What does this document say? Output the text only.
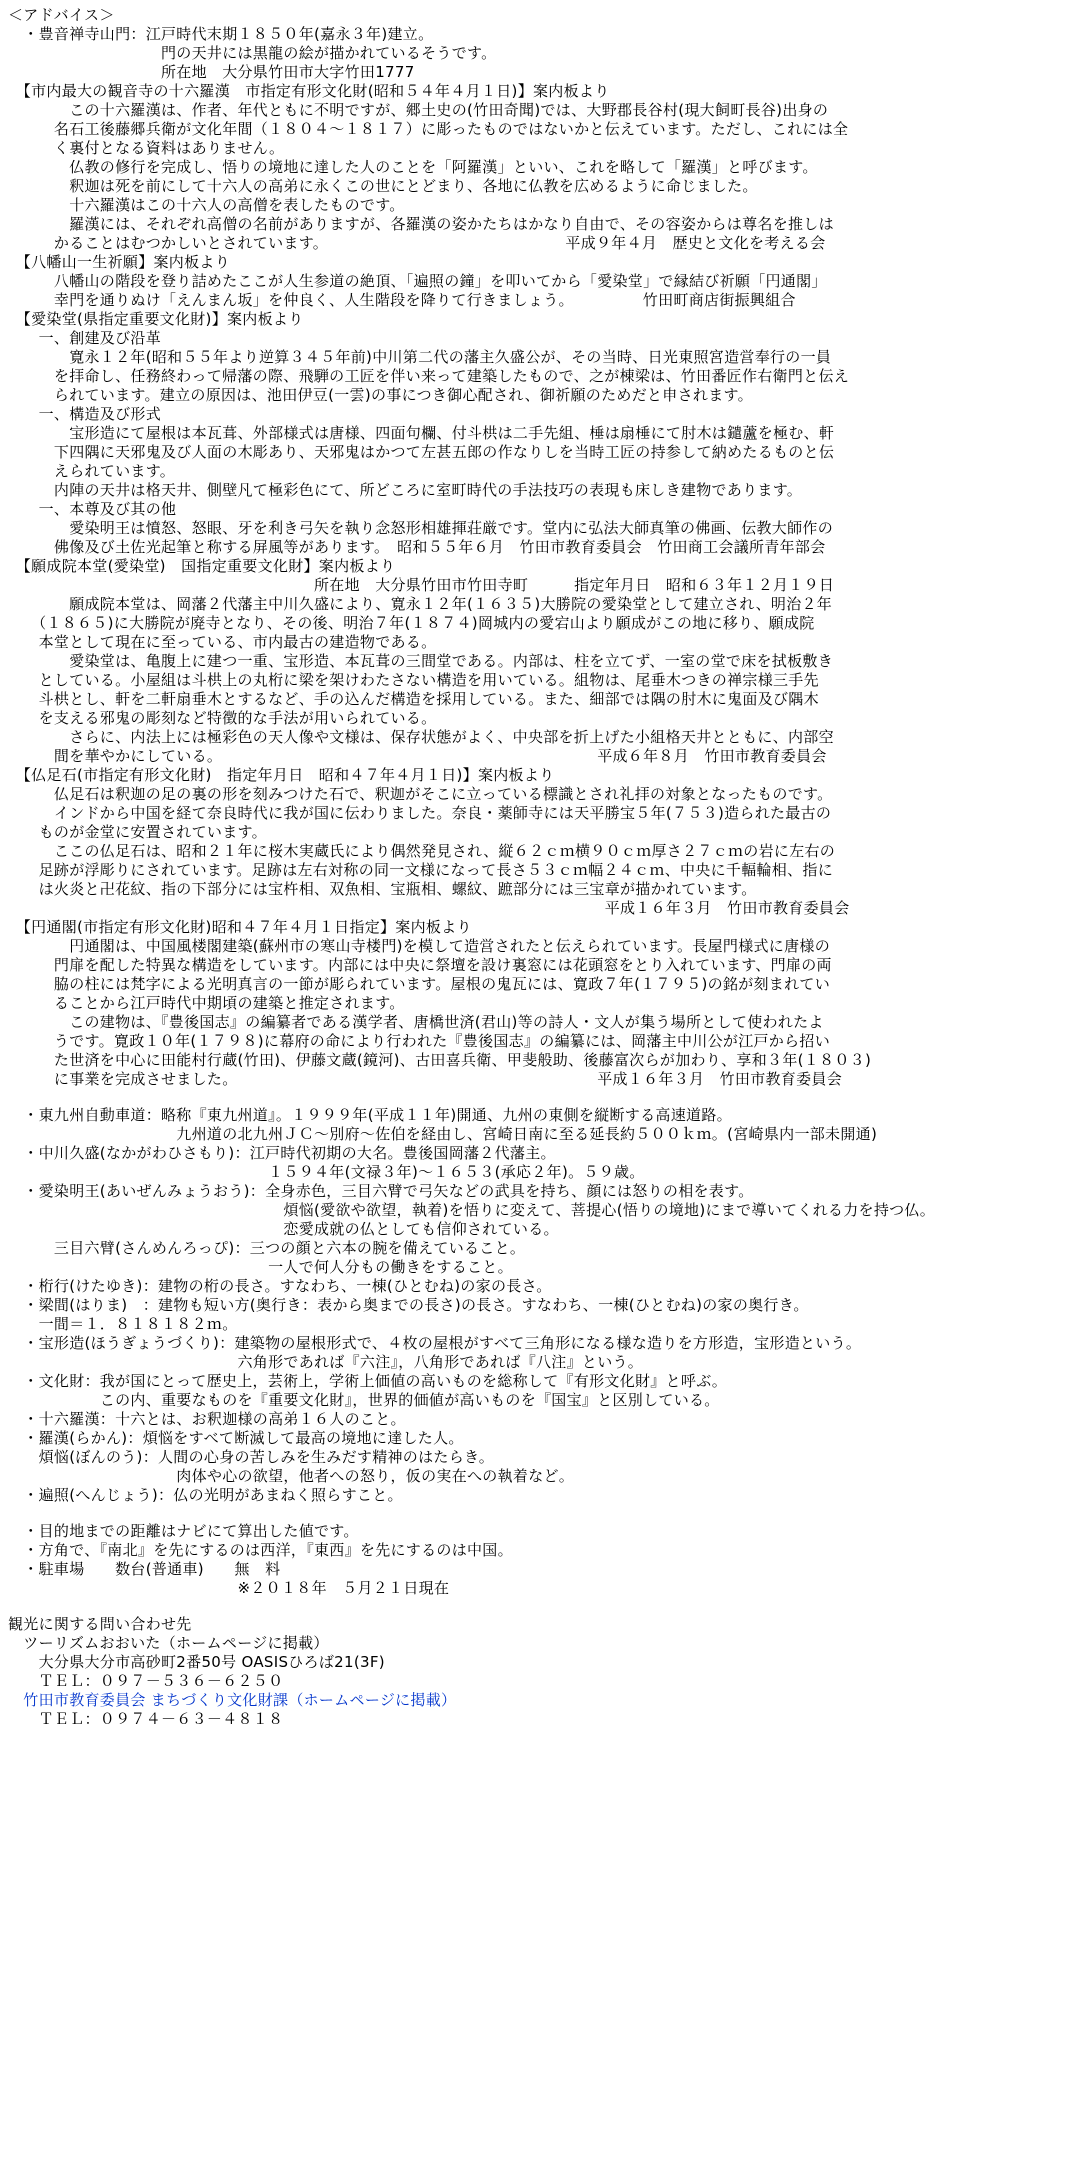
＜アドバイス＞
　・豊音禅寺山門：江戸時代末期１８５０年(嘉永３年)建立。
　　　　　　　　　　門の天井には黒龍の絵が描かれているそうです。
　　　　　　　　　　所在地　大分県竹田市大字竹田1777
　【市内最大の観音寺の十六羅漢　市指定有形文化財(昭和５４年４月１日)】案内板より
　　　　この十六羅漢は、作者、年代ともに不明ですが、郷土史の(竹田奇聞)では、大野郡長谷村(現大飼町長谷)出身の
　　　名石工後藤郷兵衛が文化年間（１８０４～１８１７）に彫ったものではないかと伝えています。ただし、これには全
　　　く裏付となる資料はありません。
　　　　仏教の修行を完成し、悟りの境地に達した人のことを「阿羅漢」といい、これを略して「羅漢」と呼びます。
　　　　釈迦は死を前にして十六人の高弟に永くこの世にとどまり、各地に仏教を広めるように命じました。
　　　　十六羅漢はこの十六人の高僧を表したものです。
　　　　羅漢には、それぞれ高僧の名前がありますが、各羅漢の姿かたちはかなり自由で、その容姿からは尊名を推しは
　　　かることはむつかしいとされています。　　　　　　　　　　　　　　　　平成９年４月　歴史と文化を考える会
　【八幡山一生祈願】案内板より
　　　八幡山の階段を登り詰めたここが人生参道の絶頂、「遍照の鐘」を叩いてから「愛染堂」で縁結び祈願「円通閣」
　　　幸門を通りぬけ「えんまん坂」を仲良く、人生階段を降りて行きましょう。　　　　　竹田町商店街振興組合
　【愛染堂(県指定重要文化財)】案内板より
　　一、創建及び沿革
　　　　寛永１２年(昭和５５年より逆算３４５年前)中川第二代の藩主久盛公が、その当時、日光東照宮造営奉行の一員
　　　を拝命し、任務終わって帰藩の際、飛騨の工匠を伴い来って建築したもので、之が棟梁は、竹田番匠作右衛門と伝え
　　　られています。建立の原因は、池田伊豆(一雲)の事につき御心配され、御祈願のためだと申されます。
　　一、構造及び形式
　　　　宝形造にて屋根は本瓦葺、外部様式は唐様、四面句欄、付斗栱は二手先組、棰は扇棰にて肘木は鑓蘆を極む、軒
　　　下四隅に天邪鬼及び人面の木彫あり、天邪鬼はかつて左甚五郎の作なりしを当時工匠の持参して納めたるものと伝
　　　えられています。
　　　内陣の天井は格天井、側壁凡て極彩色にて、所どころに室町時代の手法技巧の表現も床しき建物であります。
　　一、本尊及び其の他
　　　　愛染明王は憤怒、怒眼、牙を利き弓矢を執り念怒形相雄揮荘厳です。堂内に弘法大師真筆の佛画、伝教大師作の
　　　佛像及び土佐光起筆と称する屏風等があります。　昭和５５年６月　竹田市教育委員会　竹田商工会議所青年部会
　【願成院本堂(愛染堂)　国指定重要文化財】案内板より
　　　　　　　　　　　　　　　　　　　　所在地　大分県竹田市竹田寺町　　　指定年月日　昭和６３年１２月１９日
　　　　願成院本堂は、岡藩２代藩主中川久盛により、寛永１２年(１６３５)大勝院の愛染堂として建立され、明治２年
　　（１８６５)に大勝院が廃寺となり、その後、明治７年(１８７４)岡城内の愛宕山より願成がこの地に移り、願成院
　　本堂として現在に至っている、市内最古の建造物である。
　　　　愛染堂は、亀腹上に建つ一重、宝形造、本瓦葺の三間堂である。内部は、柱を立てず、一室の堂で床を拭板敷き
　　としている。小屋組は斗栱上の丸桁に梁を架けわたさない構造を用いている。組物は、尾垂木つきの禅宗様三手先
　　斗栱とし、軒を二軒扇垂木とするなど、手の込んだ構造を採用している。また、細部では隅の肘木に鬼面及び隅木
　　を支える邪鬼の彫刻など特徴的な手法が用いられている。
　　　　さらに、内法上には極彩色の天人像や文様は、保存状態がよく、中央部を折上げた小組格天井とともに、内部空
　　　間を華やかにしている。　　　　　　　　　　　　　　　　　　　　　　　　　平成６年８月　竹田市教育委員会
　【仏足石(市指定有形文化財)　指定年月日　昭和４７年４月１日)】案内板より
　　　仏足石は釈迦の足の裏の形を刻みつけた石で、釈迦がそこに立っている標識とされ礼拝の対象となったものです。
　　　インドから中国を経て奈良時代に我が国に伝わりました。奈良・薬師寺には天平勝宝５年(７５３)造られた最古の
　　ものが金堂に安置されています。
　　　ここの仏足石は、昭和２１年に桜木実蔵氏により偶然発見され、縦６２ｃｍ横９０ｃｍ厚さ２７ｃｍの岩に左右の
　　足跡が浮彫りにされています。足跡は左右対称の同一文様になって長さ５３ｃｍ幅２４ｃｍ、中央に千輻輪相、指に
　　は火炎と卍花紋、指の下部分には宝杵相、双魚相、宝瓶相、螺紋、蹠部分には三宝章が描かれています。
　　　　　　　　　　　　　　　　　　　　　　　　　　　　　　　　　　　　　　　平成１６年３月　竹田市教育委員会
　【円通閣(市指定有形文化財)昭和４７年４月１日指定】案内板より
　　　　円通閣は、中国風楼閣建築(蘇州市の寒山寺楼門)を模して造営されたと伝えられています。長屋門様式に唐様の
　　　門扉を配した特異な構造をしています。内部には中央に祭壇を設け裏窓には花頭窓をとり入れています、門扉の両
　　　脇の柱には梵字による光明真言の一節が彫られています。屋根の鬼瓦には、寛政７年(１７９５)の銘が刻まれてい
　　　ることから江戸時代中期頃の建築と推定されます。
　　　　この建物は、『豊後国志』の編纂者である漢学者、唐橋世済(君山)等の詩人・文人が集う場所として使われたよ
　　　うです。寛政１０年(１７９８)に幕府の命により行われた『豊後国志』の編纂には、岡藩主中川公が江戸から招い
　　　た世済を中心に田能村行蔵(竹田)、伊藤文蔵(鏡河)、古田喜兵衛、甲斐般助、後藤富次らが加わり、享和３年(１８０３)
　　　に事業を完成させました。　　　　　　　　　　　　　　　　　　　　　　　　平成１６年３月　竹田市教育委員会
　・東九州自動車道：略称『東九州道』。１９９９年(平成１１年)開通、九州の東側を縦断する高速道路。
　　　　　　　　　　　九州道の北九州ＪＣ～別府～佐伯を経由し、宮崎日南に至る延長約５００ｋｍ。(宮崎県内一部未開通)
　・中川久盛(なかがわひさもり)：江戸時代初期の大名。豊後国岡藩２代藩主。
　　　　　　　　　　　　　　　　　１５９４年(文禄３年)～１６５３(承応２年)。５９歳。
　・愛染明王(あいぜんみょうおう)：全身赤色，三目六臂で弓矢などの武具を持ち、顔には怒りの相を表す。
　　　　　　　　　　　　　　　　　　煩悩(愛欲や欲望，執着)を悟りに変えて、菩提心(悟りの境地)にまで導いてくれる力を持つ仏。
　　　　　　　　　　　　　　　　　　恋愛成就の仏としても信仰されている。
　　　三目六臂(さんめんろっぴ)：三つの顔と六本の腕を備えていること。
　　　　　　　　　　　　　　　　　一人で何人分もの働きをすること。
　・桁行(けたゆき)：建物の桁の長さ。すなわち、一棟(ひとむね)の家の長さ。
　・梁間(はりま)　：建物も短い方(奥行き：表から奥までの長さ)の長さ。すなわち、一棟(ひとむね)の家の奥行き。
　　一間＝１．８１８１８２ｍ。
　・宝形造(ほうぎょうづくり)：建築物の屋根形式で、４枚の屋根がすべて三角形になる様な造りを方形造，宝形造という。
　　　　　　　　　　　　　　　六角形であれば『六注』，八角形であれば『八注』という。
　・文化財：我が国にとって歴史上，芸術上，学術上価値の高いものを総称して『有形文化財』と呼ぶ。
　　　　　　この内、重要なものを『重要文化財』，世界的価値が高いものを『国宝』と区別している。
　・十六羅漢：十六とは、お釈迦様の高弟１６人のこと。
　・羅漢(らかん)：煩悩をすべて断滅して最高の境地に達した人。
　　煩悩(ぼんのう)：人間の心身の苦しみを生みだす精神のはたらき。
　　　　　　　　　　　肉体や心の欲望，他者への怒り，仮の実在への執着など。
　・遍照(へんじょう)：仏の光明があまねく照らすこと。
　・目的地までの距離はナビにて算出した値です。
　・方角で、『南北』を先にするのは西洋，『東西』を先にするのは中国。
　・駐車場　　数台(普通車)　　無　料
　　　　　　　　　　　　　　　※２０１８年　５月２１日現在
観光に関する問い合わせ先
　ツーリズムおおいた（ホームページに掲載）
　　大分県大分市高砂町2番50号 OASISひろば21(3F)
　　ＴＥＬ：０９７－５３６－６２５０
　竹田市教育委員会 まちづくり文化財課（ホームページに掲載）
　　ＴＥＬ：０９７４－６３－４８１８
